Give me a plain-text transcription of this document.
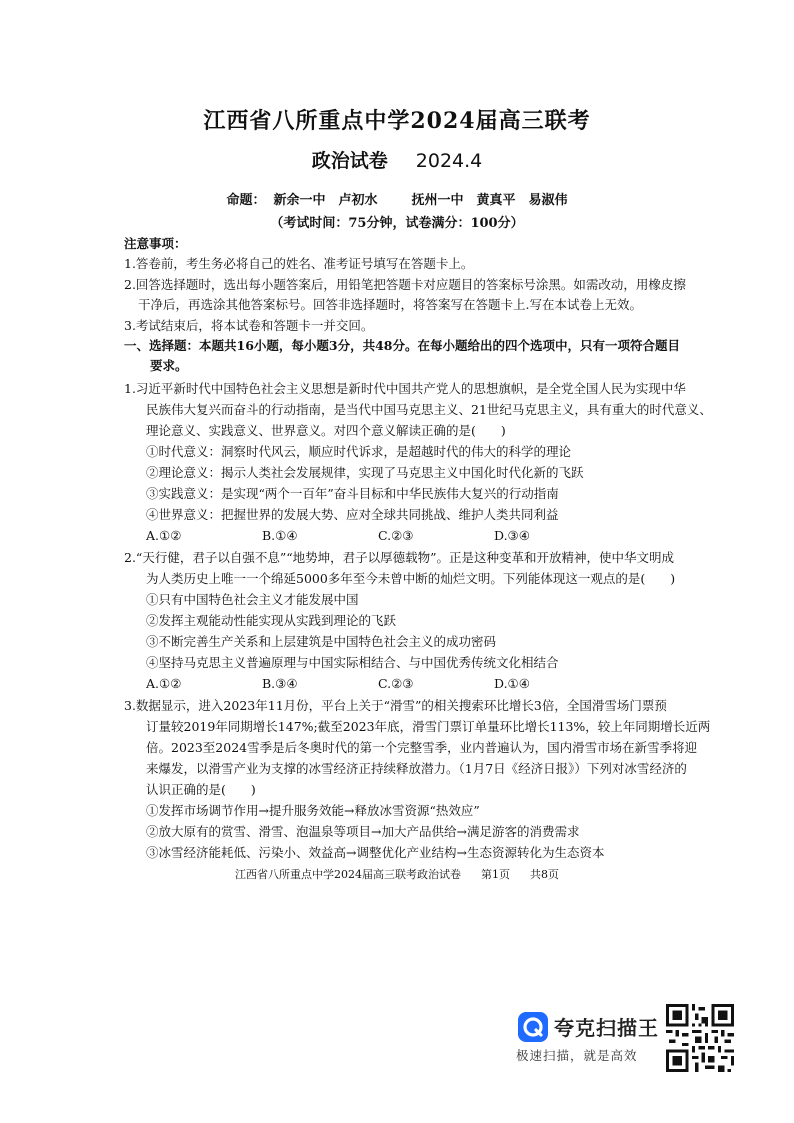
江西省八所重点中学2024届高三联考
政治试卷 2024.4
命题： 新余一中　卢初水	抚州一中　黄真平　易淑伟
（考试时间：75分钟，试卷满分：100分）
注意事项：
1.答卷前，考生务必将自己的姓名、准考证号填写在答题卡上。
2.回答选择题时，选出每小题答案后，用铅笔把答题卡对应题目的答案标号涂黑。如需改动，用橡皮擦
干净后，再选涂其他答案标号。回答非选择题时，将答案写在答题卡上.写在本试卷上无效。
3.考试结束后，将本试卷和答题卡一并交回。
一、选择题：本题共16小题，每小题3分，共48分。在每小题给出的四个选项中，只有一项符合题目
要求。
1.习近平新时代中国特色社会主义思想是新时代中国共产党人的思想旗帜，是全党全国人民为实现中华
民族伟大复兴而奋斗的行动指南，是当代中国马克思主义、21世纪马克思主义，具有重大的时代意义、
理论意义、实践意义、世界意义。对四个意义解读正确的是(　　)
①时代意义：洞察时代风云，顺应时代诉求，是超越时代的伟大的科学的理论
②理论意义：揭示人类社会发展规律，实现了马克思主义中国化时代化新的飞跃
③实践意义：是实现“两个一百年”奋斗目标和中华民族伟大复兴的行动指南
④世界意义：把握世界的发展大势、应对全球共同挑战、维护人类共同利益
A.①②	B.①④	C.②③	D.③④
2.“天行健，君子以自强不息”“地势坤，君子以厚德载物”。正是这种变革和开放精神，使中华文明成
为人类历史上唯一一个绵延5000多年至今未曾中断的灿烂文明。下列能体现这一观点的是(　　)
①只有中国特色社会主义才能发展中国
②发挥主观能动性能实现从实践到理论的飞跃
③不断完善生产关系和上层建筑是中国特色社会主义的成功密码
④坚持马克思主义普遍原理与中国实际相结合、与中国优秀传统文化相结合
A.①②	B.③④	C.②③	D.①④
3.数据显示，进入2023年11月份，平台上关于“滑雪”的相关搜索环比增长3倍，全国滑雪场门票预
订量较2019年同期增长147%;截至2023年底，滑雪门票订单量环比增长113%，较上年同期增长近两
倍。2023至2024雪季是后冬奥时代的第一个完整雪季，业内普遍认为，国内滑雪市场在新雪季将迎
来爆发，以滑雪产业为支撑的冰雪经济正持续释放潜力。（1月7日《经济日报》）下列对冰雪经济的
认识正确的是(　　)
①发挥市场调节作用→提升服务效能→释放冰雪资源“热效应”
②放大原有的赏雪、滑雪、泡温泉等项目→加大产品供给→满足游客的消费需求
③冰雪经济能耗低、污染小、效益高→调整优化产业结构→生态资源转化为生态资本
江西省八所重点中学2024届高三联考政治试卷 第1页 共8页
夸克扫描王
极速扫描，就是高效
